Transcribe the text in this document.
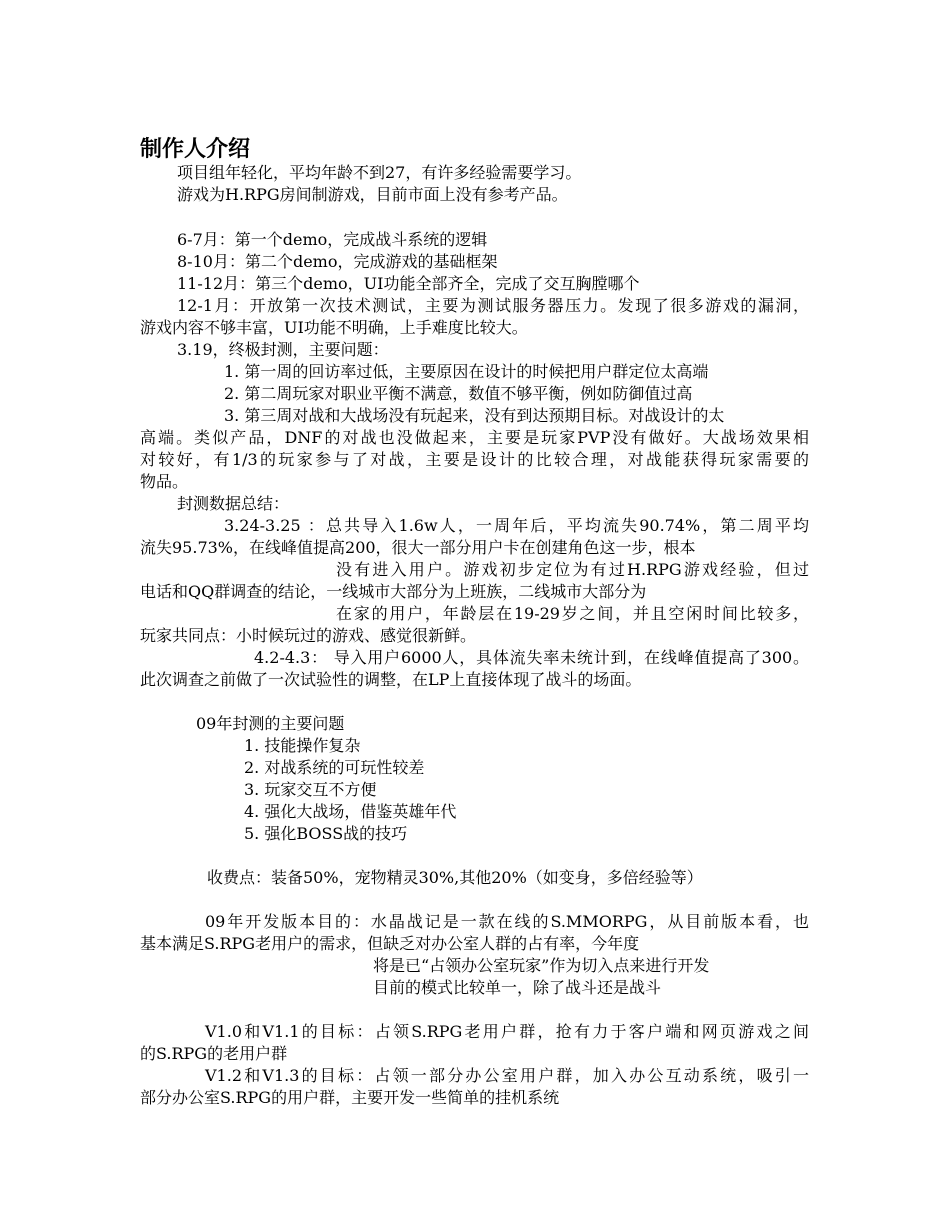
制作人介绍
项目组年轻化，平均年龄不到27，有许多经验需要学习。
游戏为H.RPG房间制游戏，目前市面上没有参考产品。
6-7月：第一个demo，完成战斗系统的逻辑
8-10月：第二个demo，完成游戏的基础框架
11-12月：第三个demo，UI功能全部齐全，完成了交互胸膛哪个
12-1月：开放第一次技术测试，主要为测试服务器压力。发现了很多游戏的漏洞，
游戏内容不够丰富，UI功能不明确，上手难度比较大。
3.19，终极封测，主要问题：
1. 第一周的回访率过低，主要原因在设计的时候把用户群定位太高端
2. 第二周玩家对职业平衡不满意，数值不够平衡，例如防御值过高
3. 第三周对战和大战场没有玩起来，没有到达预期目标。对战设计的太
高端。类似产品，DNF的对战也没做起来，主要是玩家PVP没有做好。大战场效果相
对较好，有1/3的玩家参与了对战，主要是设计的比较合理，对战能获得玩家需要的
物品。
封测数据总结：
3.24-3.25 ：总共导入1.6w人，一周年后，平均流失90.74%，第二周平均
流失95.73%，在线峰值提高200，很大一部分用户卡在创建角色这一步，根本
没有进入用户。游戏初步定位为有过H.RPG游戏经验，但过
电话和QQ群调查的结论，一线城市大部分为上班族，二线城市大部分为
在家的用户，年龄层在19-29岁之间，并且空闲时间比较多，
玩家共同点：小时候玩过的游戏、感觉很新鲜。
4.2-4.3： 导入用户6000人，具体流失率未统计到，在线峰值提高了300。
此次调查之前做了一次试验性的调整，在LP上直接体现了战斗的场面。
09年封测的主要问题
1. 技能操作复杂
2. 对战系统的可玩性较差
3. 玩家交互不方便
4. 强化大战场，借鉴英雄年代
5. 强化BOSS战的技巧
收费点：装备50%，宠物精灵30%,其他20%（如变身，多倍经验等）
09年开发版本目的：水晶战记是一款在线的S.MMORPG，从目前版本看，也
基本满足S.RPG老用户的需求，但缺乏对办公室人群的占有率，今年度
将是已“占领办公室玩家”作为切入点来进行开发
目前的模式比较单一，除了战斗还是战斗
V1.0和V1.1的目标：占领S.RPG老用户群，抢有力于客户端和网页游戏之间
的S.RPG的老用户群
V1.2和V1.3的目标：占领一部分办公室用户群，加入办公互动系统，吸引一
部分办公室S.RPG的用户群，主要开发一些简单的挂机系统
